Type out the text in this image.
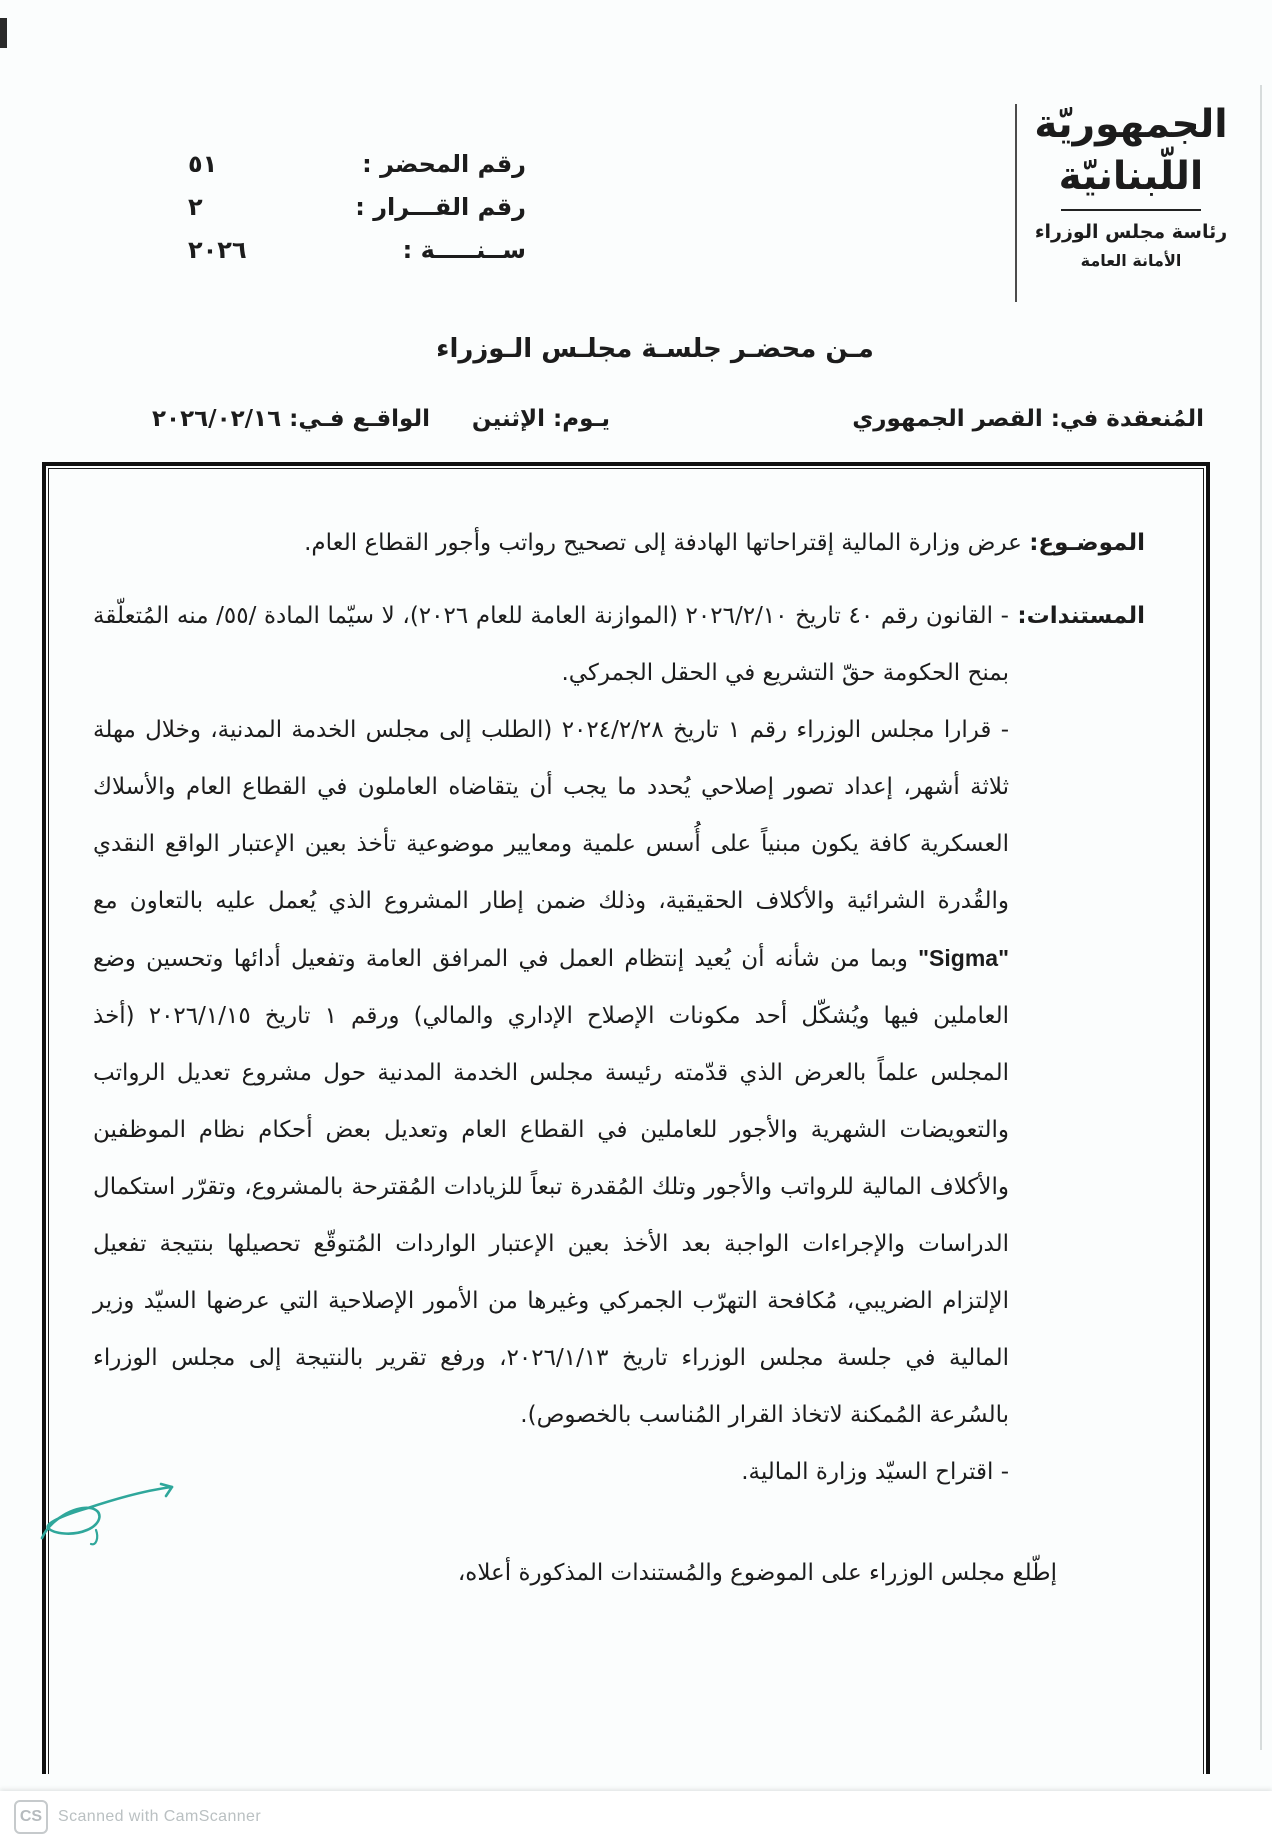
الجمهوريّة
اللّبنانيّة
رئاسة مجلس الوزراء
الأمانة العامة
رقم المحضر :
٥١
رقم القـــرار :
٢
ســنـــــة :
٢٠٢٦
مـن محضـر جلسـة مجلـس الـوزراء
المُنعقدة في: القصر الجمهوري
يـوم: الإثنين
الواقـع فـي: ٢٠٢٦/٠٢/١٦

الموضـوع: عرض وزارة المالية إقتراحاتها الهادفة إلى تصحيح رواتب وأجور القطاع العام.

المستندات:

- القانون رقم ٤٠ تاريخ ٢٠٢٦/٢/١٠ (الموازنة العامة للعام ٢٠٢٦)، لا سيّما المادة /٥٥/ منه المُتعلّقة بمنح الحكومة حقّ التشريع في الحقل الجمركي.

- قرارا مجلس الوزراء رقم ١ تاريخ ٢٠٢٤/٢/٢٨ (الطلب إلى مجلس الخدمة المدنية، وخلال مهلة ثلاثة أشهر، إعداد تصور إصلاحي يُحدد ما يجب أن يتقاضاه العاملون في القطاع العام والأسلاك العسكرية كافة يكون مبنياً على أُسس علمية ومعايير موضوعية تأخذ بعين الإعتبار الواقع النقدي والقُدرة الشرائية والأكلاف الحقيقية، وذلك ضمن إطار المشروع الذي يُعمل عليه بالتعاون مع "Sigma" وبما من شأنه أن يُعيد إنتظام العمل في المرافق العامة وتفعيل أدائها وتحسين وضع العاملين فيها ويُشكّل أحد مكونات الإصلاح الإداري والمالي) ورقم ١ تاريخ ٢٠٢٦/١/١٥ (أخذ المجلس علماً بالعرض الذي قدّمته رئيسة مجلس الخدمة المدنية حول مشروع تعديل الرواتب والتعويضات الشهرية والأجور للعاملين في القطاع العام وتعديل بعض أحكام نظام الموظفين والأكلاف المالية للرواتب والأجور وتلك المُقدرة تبعاً للزيادات المُقترحة بالمشروع، وتقرّر استكمال الدراسات والإجراءات الواجبة بعد الأخذ بعين الإعتبار الواردات المُتوقّع تحصيلها بنتيجة تفعيل الإلتزام الضريبي، مُكافحة التهرّب الجمركي وغيرها من الأمور الإصلاحية التي عرضها السيّد وزير المالية في جلسة مجلس الوزراء تاريخ ٢٠٢٦/١/١٣، ورفع تقرير بالنتيجة إلى مجلس الوزراء بالسُرعة المُمكنة لاتخاذ القرار المُناسب بالخصوص).

- اقتراح السيّد وزارة المالية.

إطّلع مجلس الوزراء على الموضوع والمُستندات المذكورة أعلاه،

CS Scanned with CamScanner
